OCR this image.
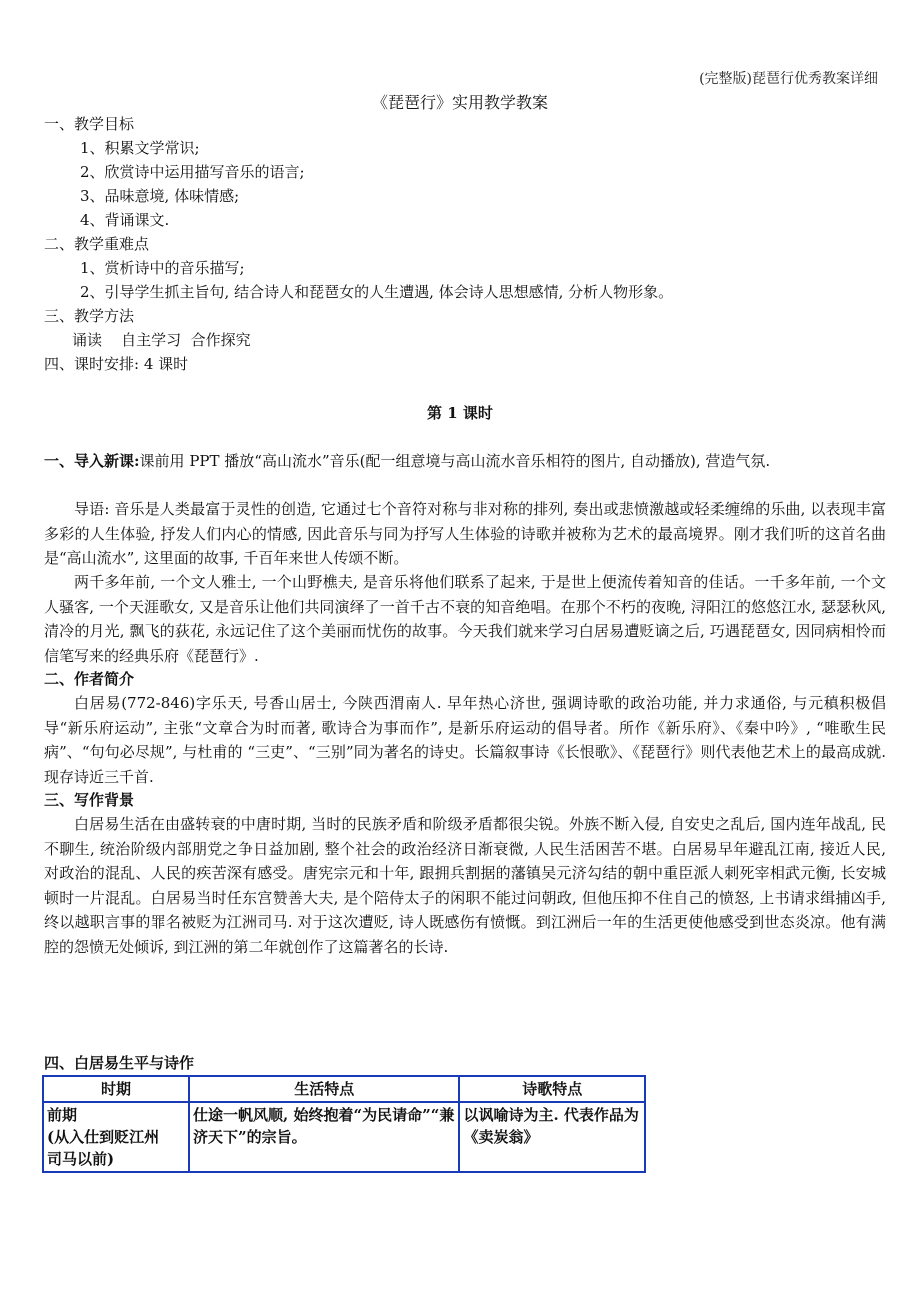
(完整版)琵琶行优秀教案详细
《琵琶行》实用教学教案
一、教学目标
1、积累文学常识;
2、欣赏诗中运用描写音乐的语言;
3、品味意境, 体味情感;
4、背诵课文.
二、教学重难点
1、赏析诗中的音乐描写;
2、引导学生抓主旨句, 结合诗人和琵琶女的人生遭遇, 体会诗人思想感情, 分析人物形象。
三、教学方法
诵读    自主学习  合作探究
四、课时安排: 4 课时
第 1 课时
一、导入新课:课前用 PPT 播放“高山流水”音乐(配一组意境与高山流水音乐相符的图片, 自动播放), 营造气氛.
导语: 音乐是人类最富于灵性的创造, 它通过七个音符对称与非对称的排列, 奏出或悲愤激越或轻柔缠绵的乐曲, 以表现丰富多彩的人生体验, 抒发人们内心的情感, 因此音乐与同为抒写人生体验的诗歌并被称为艺术的最高境界。刚才我们听的这首名曲是“高山流水”, 这里面的故事, 千百年来世人传颂不断。
两千多年前, 一个文人雅士, 一个山野樵夫, 是音乐将他们联系了起来, 于是世上便流传着知音的佳话。一千多年前, 一个文人骚客, 一个天涯歌女, 又是音乐让他们共同演绎了一首千古不衰的知音绝唱。在那个不朽的夜晚, 浔阳江的悠悠江水, 瑟瑟秋风, 清冷的月光, 飘飞的荻花, 永远记住了这个美丽而忧伤的故事。今天我们就来学习白居易遭贬谪之后, 巧遇琵琶女, 因同病相怜而信笔写来的经典乐府《琵琶行》.
二、作者简介
白居易(772-846)字乐天, 号香山居士, 今陕西渭南人. 早年热心济世, 强调诗歌的政治功能, 并力求通俗, 与元稹积极倡导“新乐府运动”, 主张“文章合为时而著, 歌诗合为事而作”, 是新乐府运动的倡导者。所作《新乐府》、《秦中吟》, “唯歌生民病”、“句句必尽规”, 与杜甫的 “三吏”、“三别”同为著名的诗史。长篇叙事诗《长恨歌》、《琵琶行》则代表他艺术上的最高成就. 现存诗近三千首.
三、写作背景
白居易生活在由盛转衰的中唐时期, 当时的民族矛盾和阶级矛盾都很尖锐。外族不断入侵, 自安史之乱后, 国内连年战乱, 民不聊生, 统治阶级内部朋党之争日益加剧, 整个社会的政治经济日渐衰微, 人民生活困苦不堪。白居易早年避乱江南, 接近人民, 对政治的混乱、人民的疾苦深有感受。唐宪宗元和十年, 跟拥兵割据的藩镇吴元济勾结的朝中重臣派人刺死宰相武元衡, 长安城顿时一片混乱。白居易当时任东宫赞善大夫, 是个陪侍太子的闲职不能过问朝政, 但他压抑不住自己的愤怒, 上书请求缉捕凶手, 终以越职言事的罪名被贬为江洲司马. 对于这次遭贬, 诗人既感伤有愤慨。到江洲后一年的生活更使他感受到世态炎凉。他有满腔的怨愤无处倾诉, 到江洲的第二年就创作了这篇著名的长诗.
四、白居易生平与诗作
时期	生活特点	诗歌特点

前期
(从入仕到贬江州
司马以前)	仕途一帆风顺, 始终抱着“为民请命”“兼济天下”的宗旨。	以讽喻诗为主. 代表作品为《卖炭翁》
